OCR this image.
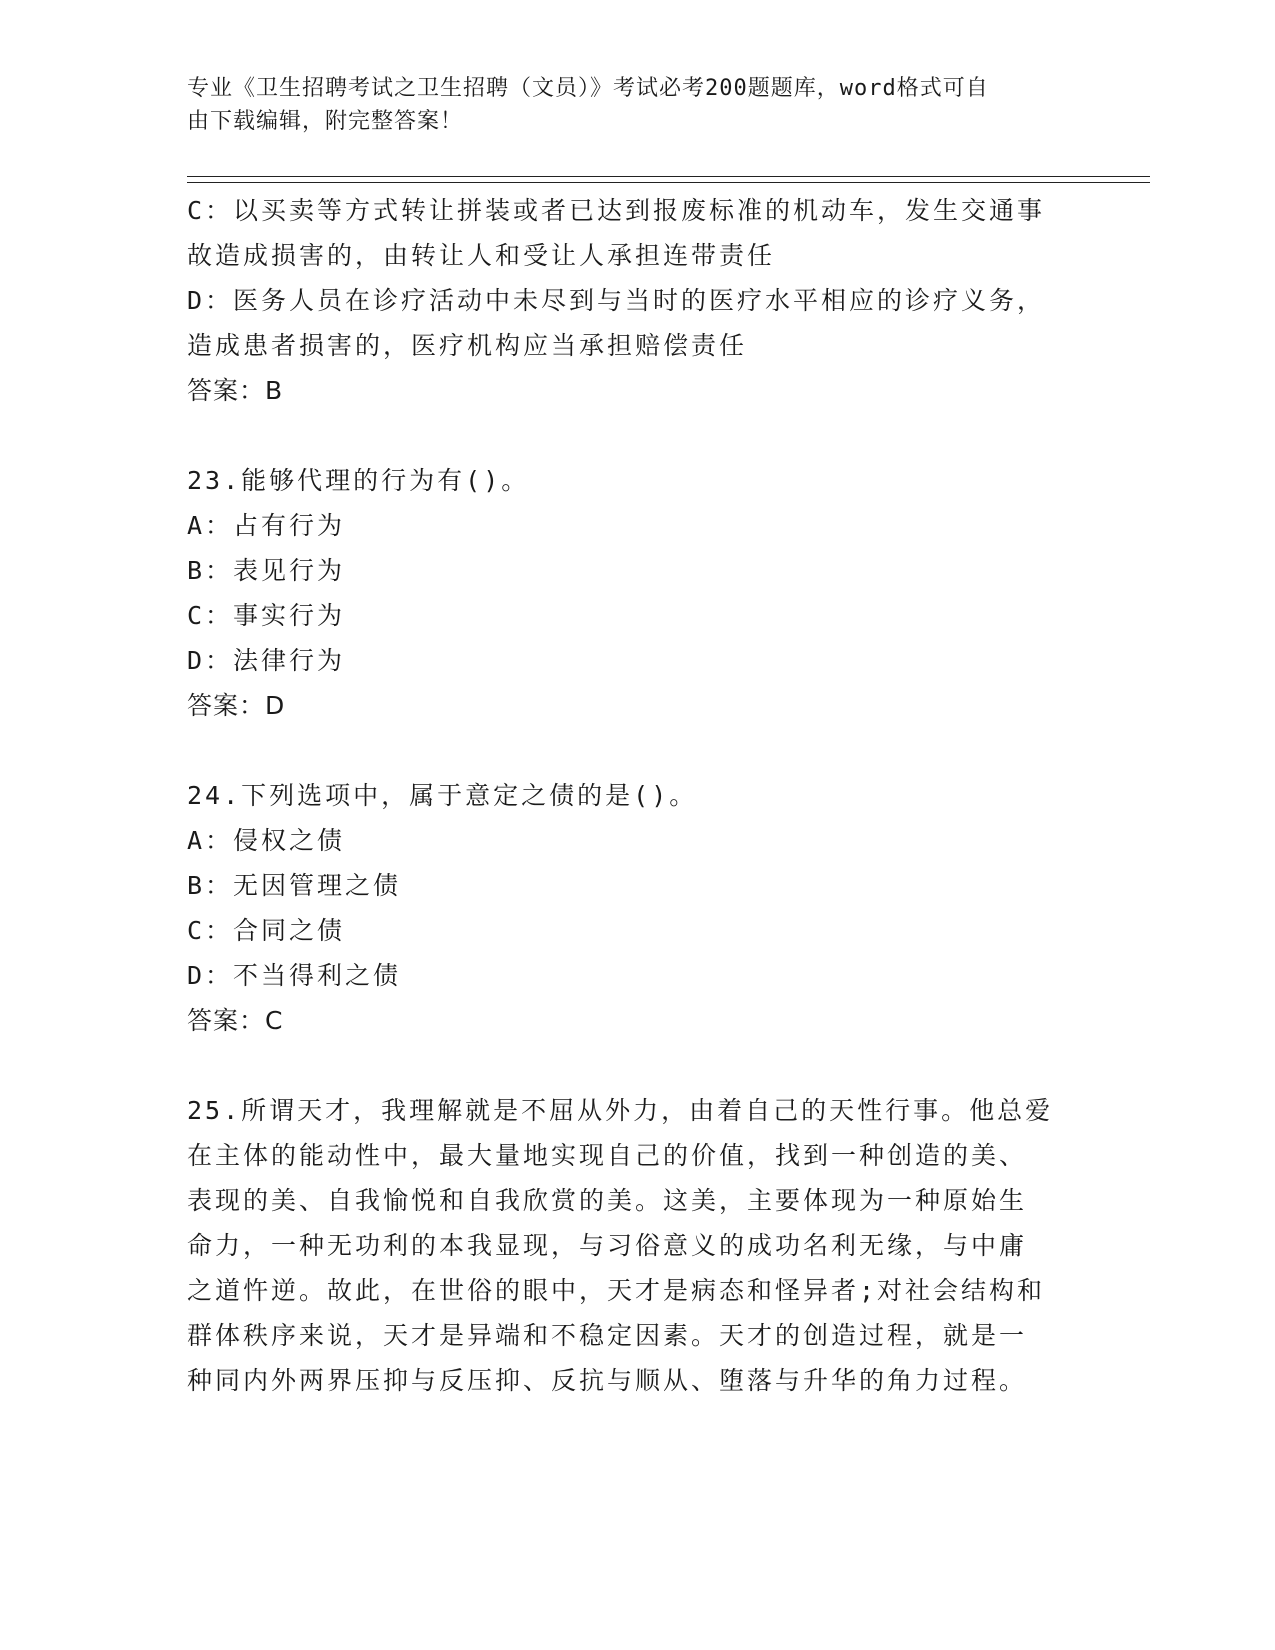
专业《卫生招聘考试之卫生招聘（文员）》考试必考200题题库，word格式可自
由下载编辑，附完整答案！
C：以买卖等方式转让拼装或者已达到报废标准的机动车，发生交通事
故造成损害的，由转让人和受让人承担连带责任
D：医务人员在诊疗活动中未尽到与当时的医疗水平相应的诊疗义务，
造成患者损害的，医疗机构应当承担赔偿责任
答案：B
23.能够代理的行为有()。
A：占有行为
B：表见行为
C：事实行为
D：法律行为
答案：D
24.下列选项中，属于意定之债的是()。
A：侵权之债
B：无因管理之债
C：合同之债
D：不当得利之债
答案：C
25.所谓天才，我理解就是不屈从外力，由着自己的天性行事。他总爱
在主体的能动性中，最大量地实现自己的价值，找到一种创造的美、
表现的美、自我愉悦和自我欣赏的美。这美，主要体现为一种原始生
命力，一种无功利的本我显现，与习俗意义的成功名利无缘，与中庸
之道忤逆。故此，在世俗的眼中，天才是病态和怪异者;对社会结构和
群体秩序来说，天才是异端和不稳定因素。天才的创造过程，就是一
种同内外两界压抑与反压抑、反抗与顺从、堕落与升华的角力过程。
